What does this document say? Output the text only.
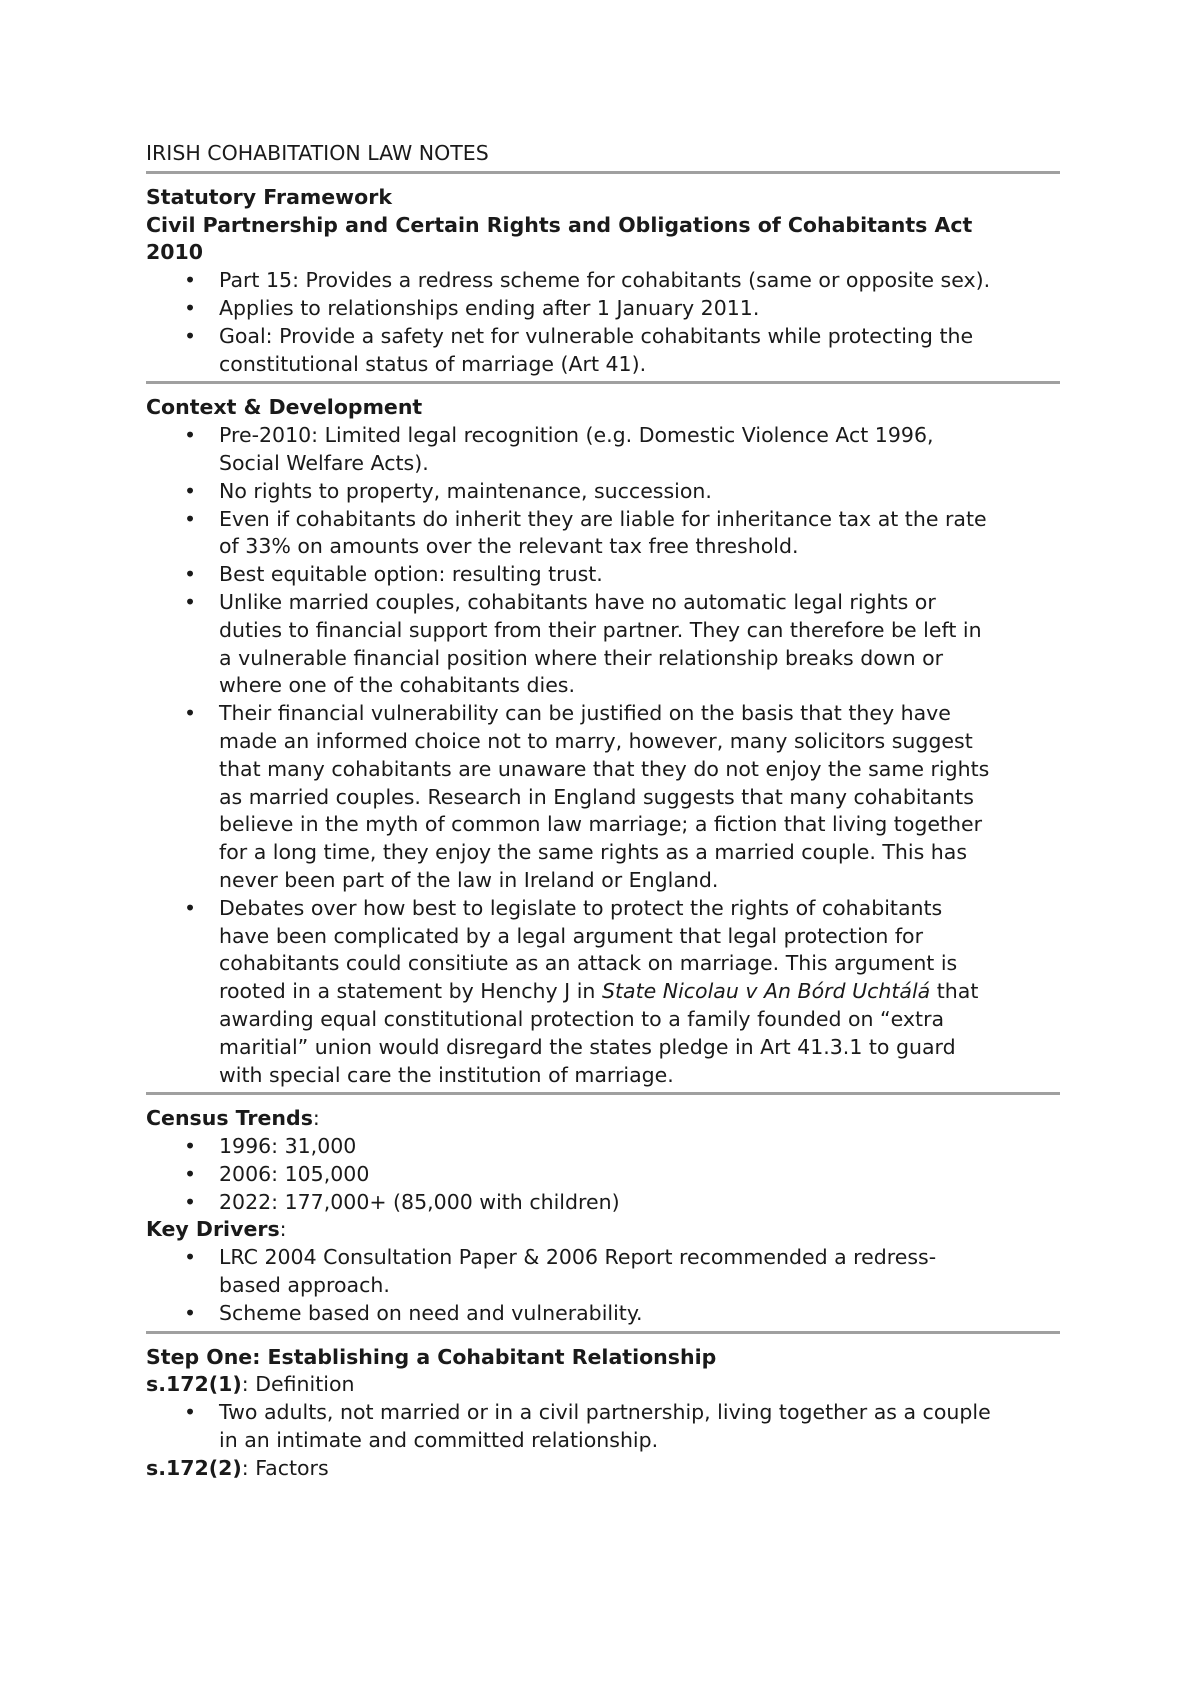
IRISH COHABITATION LAW NOTES
Statutory Framework
Civil Partnership and Certain Rights and Obligations of Cohabitants Act
2010
• Part 15: Provides a redress scheme for cohabitants (same or opposite sex).
• Applies to relationships ending after 1 January 2011.
• Goal: Provide a safety net for vulnerable cohabitants while protecting the
constitutional status of marriage (Art 41).
Context & Development
• Pre-2010: Limited legal recognition (e.g. Domestic Violence Act 1996,
Social Welfare Acts).
• No rights to property, maintenance, succession.
• Even if cohabitants do inherit they are liable for inheritance tax at the rate
of 33% on amounts over the relevant tax free threshold.
• Best equitable option: resulting trust.
• Unlike married couples, cohabitants have no automatic legal rights or
duties to financial support from their partner. They can therefore be left in
a vulnerable financial position where their relationship breaks down or
where one of the cohabitants dies.
• Their financial vulnerability can be justified on the basis that they have
made an informed choice not to marry, however, many solicitors suggest
that many cohabitants are unaware that they do not enjoy the same rights
as married couples. Research in England suggests that many cohabitants
believe in the myth of common law marriage; a fiction that living together
for a long time, they enjoy the same rights as a married couple. This has
never been part of the law in Ireland or England.
• Debates over how best to legislate to protect the rights of cohabitants
have been complicated by a legal argument that legal protection for
cohabitants could consitiute as an attack on marriage. This argument is
rooted in a statement by Henchy J in State Nicolau v An Bórd Uchtálá that
awarding equal constitutional protection to a family founded on “extra
maritial” union would disregard the states pledge in Art 41.3.1 to guard
with special care the institution of marriage.
Census Trends:
• 1996: 31,000
• 2006: 105,000
• 2022: 177,000+ (85,000 with children)
Key Drivers:
• LRC 2004 Consultation Paper & 2006 Report recommended a redress-
based approach.
• Scheme based on need and vulnerability.
Step One: Establishing a Cohabitant Relationship
s.172(1): Definition
• Two adults, not married or in a civil partnership, living together as a couple
in an intimate and committed relationship.
s.172(2): Factors
